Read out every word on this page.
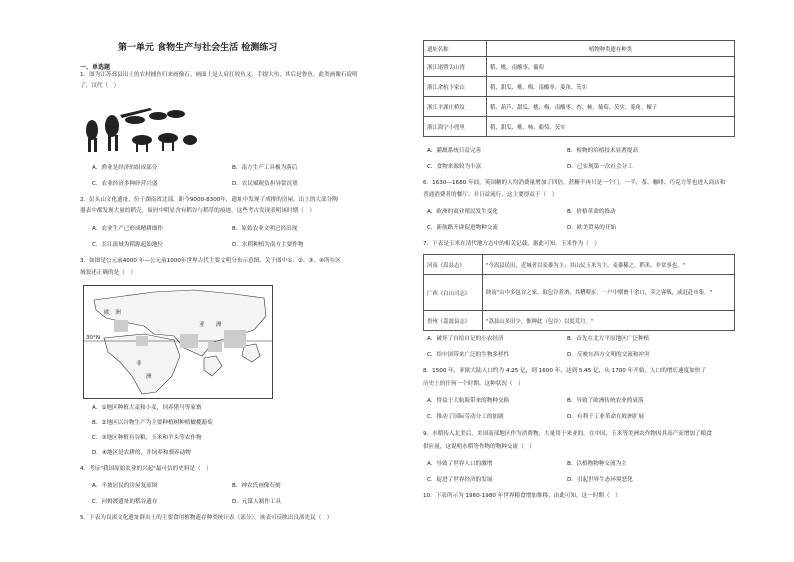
第一单元 食物生产与社会生活 检测练习
一、单选题
1．图为江苏邳县出土的农村捕鱼归来画像石。画面上是人肩扛较鱼又，手提大鱼，其后是鲁鱼。此类画像石说明
了，汉代（　）
A．渔业是经济的组成部分	B．南方生产工具极为落后
C．农业经济多种经营兴盛	D．农民赋税负担异常沉重
2．彭头山文化遗址，位于湖南省北部，距今9000-8300年，遗址中发现了成排的房屋，出土的大部分陶
器表中都发现大量的稻壳，炭屑中明显含有稻谷与稻草的痕迹。这些考古发现表明该时期（　）
A．农业生产已形成精耕细作	B．原始农业文明已经出现
C．长江流域为稻源起始地位	D．水稻种植为南方主要作物
3．如图是公元前4000 年—公元前1000年世界古代主要文明分布示意图，关于图中①、②、③、④所在区
域叙述正确的是（　）
欧　洲
亚　　洲
非
洲
30°N
A．①地区种植大麦和小麦，饲养猪马等家畜
B．②地区以谷物生产为主要种植树种植橄榄葡萄
C．③地区种植有谷粮、玉米和羊头等农作物
D．④地区是农耕的，并饲养和驯养动物
4．考证"我国原始农业的兴起"最可信的史料是（　）
A．半坡居民的房屋复原图	B．神农氏画像石刻
C．河姆渡遗址的稻谷遗存	D．元谋人制作工具
5．下表为良渚文化遗址群出土的主要食用植物遗存种类统计表（部分）。该表可反映出良渚先民（　）
遗址名称	植物种类遗存种类
浙江诸暨尖山湾	稻、桃、南酸枣、葡萄
浙江余杭卞家山	稻、甜瓜、桃、梅、南酸枣、菱角、芡实
浙江平湖庄桥坟	稻、葫芦、甜瓜、桃、梅、南酸枣、杏、柿、葡萄、芡实、菱角、楝子
浙江海宁小兜里	稻、甜瓜、桃、柿、葡萄、芡实
A．灌溉系统日益完善	B．植物的培植技术显著提高
C．食物来源较为丰富	D．已实现第一次社会分工
6．1630—1680 年间，英国糖的人均消费量增加了四倍，蔗糖不再只是一个门，一半，茶、咖啡、巧克力等也进入商店和
普通消费者的餐厅。并日益流行，这主要得益于（　）
A．欧洲的商业殖民发生变化	B．价格革命的推动
C．新航路开辟促进物种交流	D．欧美贸易的开始
7．下表是玉米在清代地方志中的相关记载，据此可知，玉米作为（　）
河南《嵩县志》	"今嵩县民田，近城者以麦黍为主；其山民玉米为主，麦黍稀之，稻米，非常事也。"
广西《白山司志》	陕南"山中多包谷之家，取包谷煮酒，其糟喂豕，一户中喂畜十余口，卖之客贩，或赶赴市集。"
贵州《荔波县志》	"荔县山多田少，惟种此（包谷）以度荒月。"
A．破坏了自给自足的小农经济	B．首先在北方平原地区广泛种植
C．给中国带来广泛的生物多样性	D．反映东西方文明的交流和冲突
8．1500 年，亚欧大陆人口约为 4.25 亿，到 1600 年，达到 5.45 亿，从 1700 年开始，人口的增长速度加快了
历史上的任何一个时期。这种状况（　）
A．得益于大航海带来的物种交换	B．导致了欧洲传统农业的衰落
C．推动了国际劳动分工的加剧	D．有利于工业革命在欧洲扩展
9．水稻传入北美后，美国南部地区作为消费物，大量用于来亚的。在中国，玉米等美洲农作物因其高产而增加了粮食
供应量，这说明水稻等作物的物种交流（　）
A．导致了世界人口的激增	B．以植物物种交流为主
C．促进了世界经济的发展	D．引起世界生态环境恶化
10．下表所示为 1960-1980 年世界粮食增加推移，由此可知，这一时期（　）
